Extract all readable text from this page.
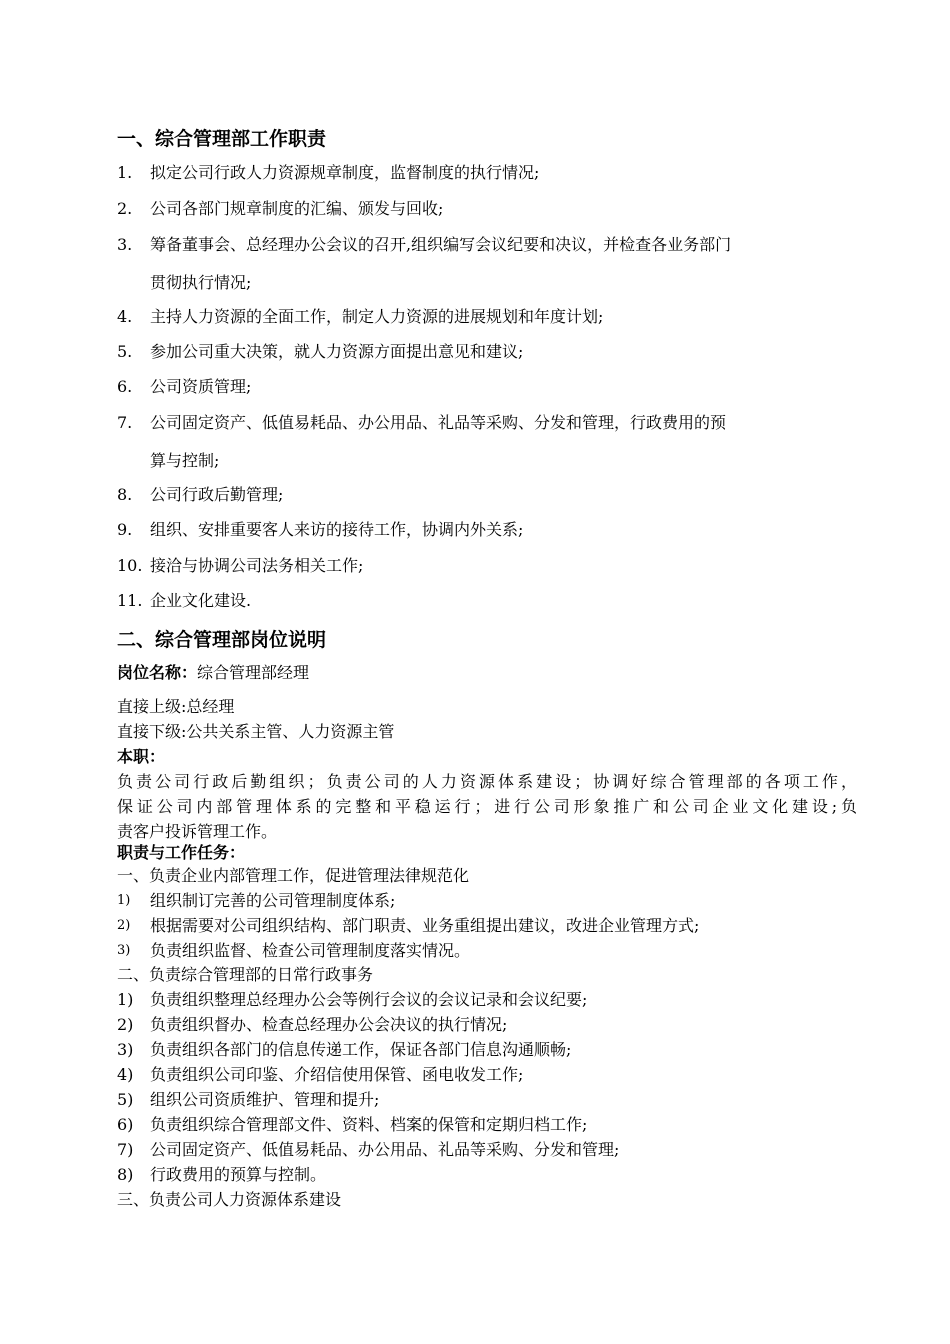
一、综合管理部工作职责
1. 拟定公司行政人力资源规章制度，监督制度的执行情况;
2. 公司各部门规章制度的汇编、颁发与回收;
3. 筹备董事会、总经理办公会议的召开,组织编写会议纪要和决议，并检查各业务部门
贯彻执行情况;
4. 主持人力资源的全面工作，制定人力资源的进展规划和年度计划;
5. 参加公司重大决策，就人力资源方面提出意见和建议;
6. 公司资质管理;
7. 公司固定资产、低值易耗品、办公用品、礼品等采购、分发和管理，行政费用的预
算与控制;
8. 公司行政后勤管理;
9. 组织、安排重要客人来访的接待工作，协调内外关系;
10. 接洽与协调公司法务相关工作;
11. 企业文化建设.
二、综合管理部岗位说明
岗位名称：综合管理部经理
直接上级:总经理
直接下级:公共关系主管、人力资源主管
本职：
负责公司行政后勤组织；负责公司的人力资源体系建设；协调好综合管理部的各项工作，
保证公司内部管理体系的完整和平稳运行；进行公司形象推广和公司企业文化建设;负
责客户投诉管理工作。
职责与工作任务：
一、负责企业内部管理工作，促进管理法律规范化
1) 组织制订完善的公司管理制度体系;
2) 根据需要对公司组织结构、部门职责、业务重组提出建议，改进企业管理方式;
3) 负责组织监督、检查公司管理制度落实情况。
二、负责综合管理部的日常行政事务
1) 负责组织整理总经理办公会等例行会议的会议记录和会议纪要;
2) 负责组织督办、检查总经理办公会决议的执行情况;
3) 负责组织各部门的信息传递工作，保证各部门信息沟通顺畅;
4) 负责组织公司印鉴、介绍信使用保管、函电收发工作;
5) 组织公司资质维护、管理和提升;
6) 负责组织综合管理部文件、资料、档案的保管和定期归档工作;
7) 公司固定资产、低值易耗品、办公用品、礼品等采购、分发和管理;
8) 行政费用的预算与控制。
三、负责公司人力资源体系建设
